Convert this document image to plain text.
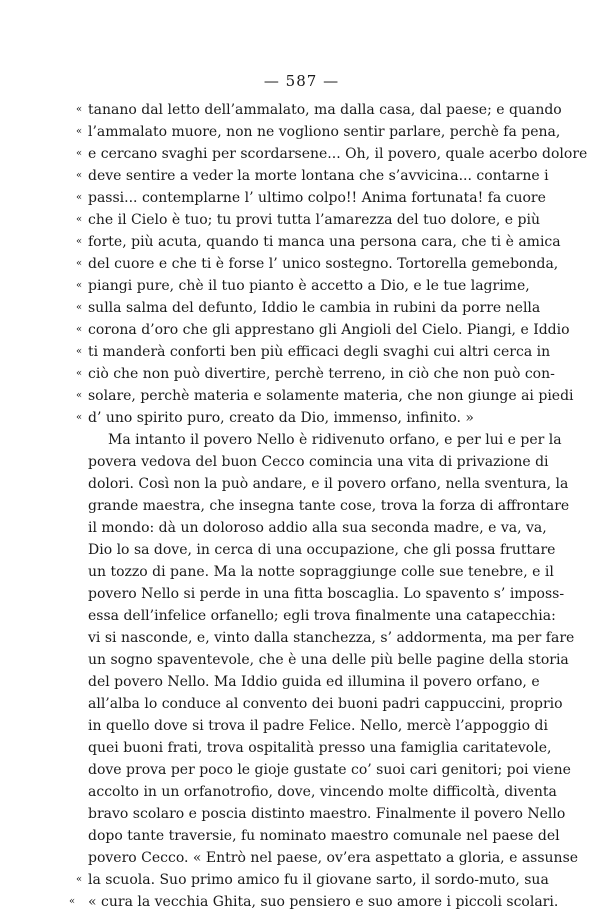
— 587 —
« tanano dal letto dell’ammalato, ma dalla casa, dal paese; e quando
« l’ammalato muore, non ne vogliono sentir parlare, perchè fa pena,
« e cercano svaghi per scordarsene... Oh, il povero, quale acerbo dolore
« deve sentire a veder la morte lontana che s’avvicina... contarne i
« passi... contemplarne l’ ultimo colpo!! Anima fortunata! fa cuore
« che il Cielo è tuo; tu provi tutta l’amarezza del tuo dolore, e più
« forte, più acuta, quando ti manca una persona cara, che ti è amica
« del cuore e che ti è forse l’ unico sostegno. Tortorella gemebonda,
« piangi pure, chè il tuo pianto è accetto a Dio, e le tue lagrime,
« sulla salma del defunto, Iddio le cambia in rubini da porre nella
« corona d’oro che gli apprestano gli Angioli del Cielo. Piangi, e Iddio
« ti manderà conforti ben più efficaci degli svaghi cui altri cerca in
« ciò che non può divertire, perchè terreno, in ciò che non può con-
« solare, perchè materia e solamente materia, che non giunge ai piedi
« d’ uno spirito puro, creato da Dio, immenso, infinito. »
Ma intanto il povero Nello è ridivenuto orfano, e per lui e per la
povera vedova del buon Cecco comincia una vita di privazione di
dolori. Così non la può andare, e il povero orfano, nella sventura, la
grande maestra, che insegna tante cose, trova la forza di affrontare
il mondo: dà un doloroso addio alla sua seconda madre, e va, va,
Dio lo sa dove, in cerca di una occupazione, che gli possa fruttare
un tozzo di pane. Ma la notte sopraggiunge colle sue tenebre, e il
povero Nello si perde in una fitta boscaglia. Lo spavento s’ imposs-
essa dell’infelice orfanello; egli trova finalmente una catapecchia:
vi si nasconde, e, vinto dalla stanchezza, s’ addormenta, ma per fare
un sogno spaventevole, che è una delle più belle pagine della storia
del povero Nello. Ma Iddio guida ed illumina il povero orfano, e
all’alba lo conduce al convento dei buoni padri cappuccini, proprio
in quello dove si trova il padre Felice. Nello, mercè l’appoggio di
quei buoni frati, trova ospitalità presso una famiglia caritatevole,
dove prova per poco le gioje gustate co’ suoi cari genitori; poi viene
accolto in un orfanotrofio, dove, vincendo molte difficoltà, diventa
bravo scolaro e poscia distinto maestro. Finalmente il povero Nello
dopo tante traversie, fu nominato maestro comunale nel paese del
povero Cecco. « Entrò nel paese, ov’era aspettato a gloria, e assunse
« la scuola. Suo primo amico fu il giovane sarto, il sordo-muto, sua
« « cura la vecchia Ghita, suo pensiero e suo amore i piccoli scolari.
